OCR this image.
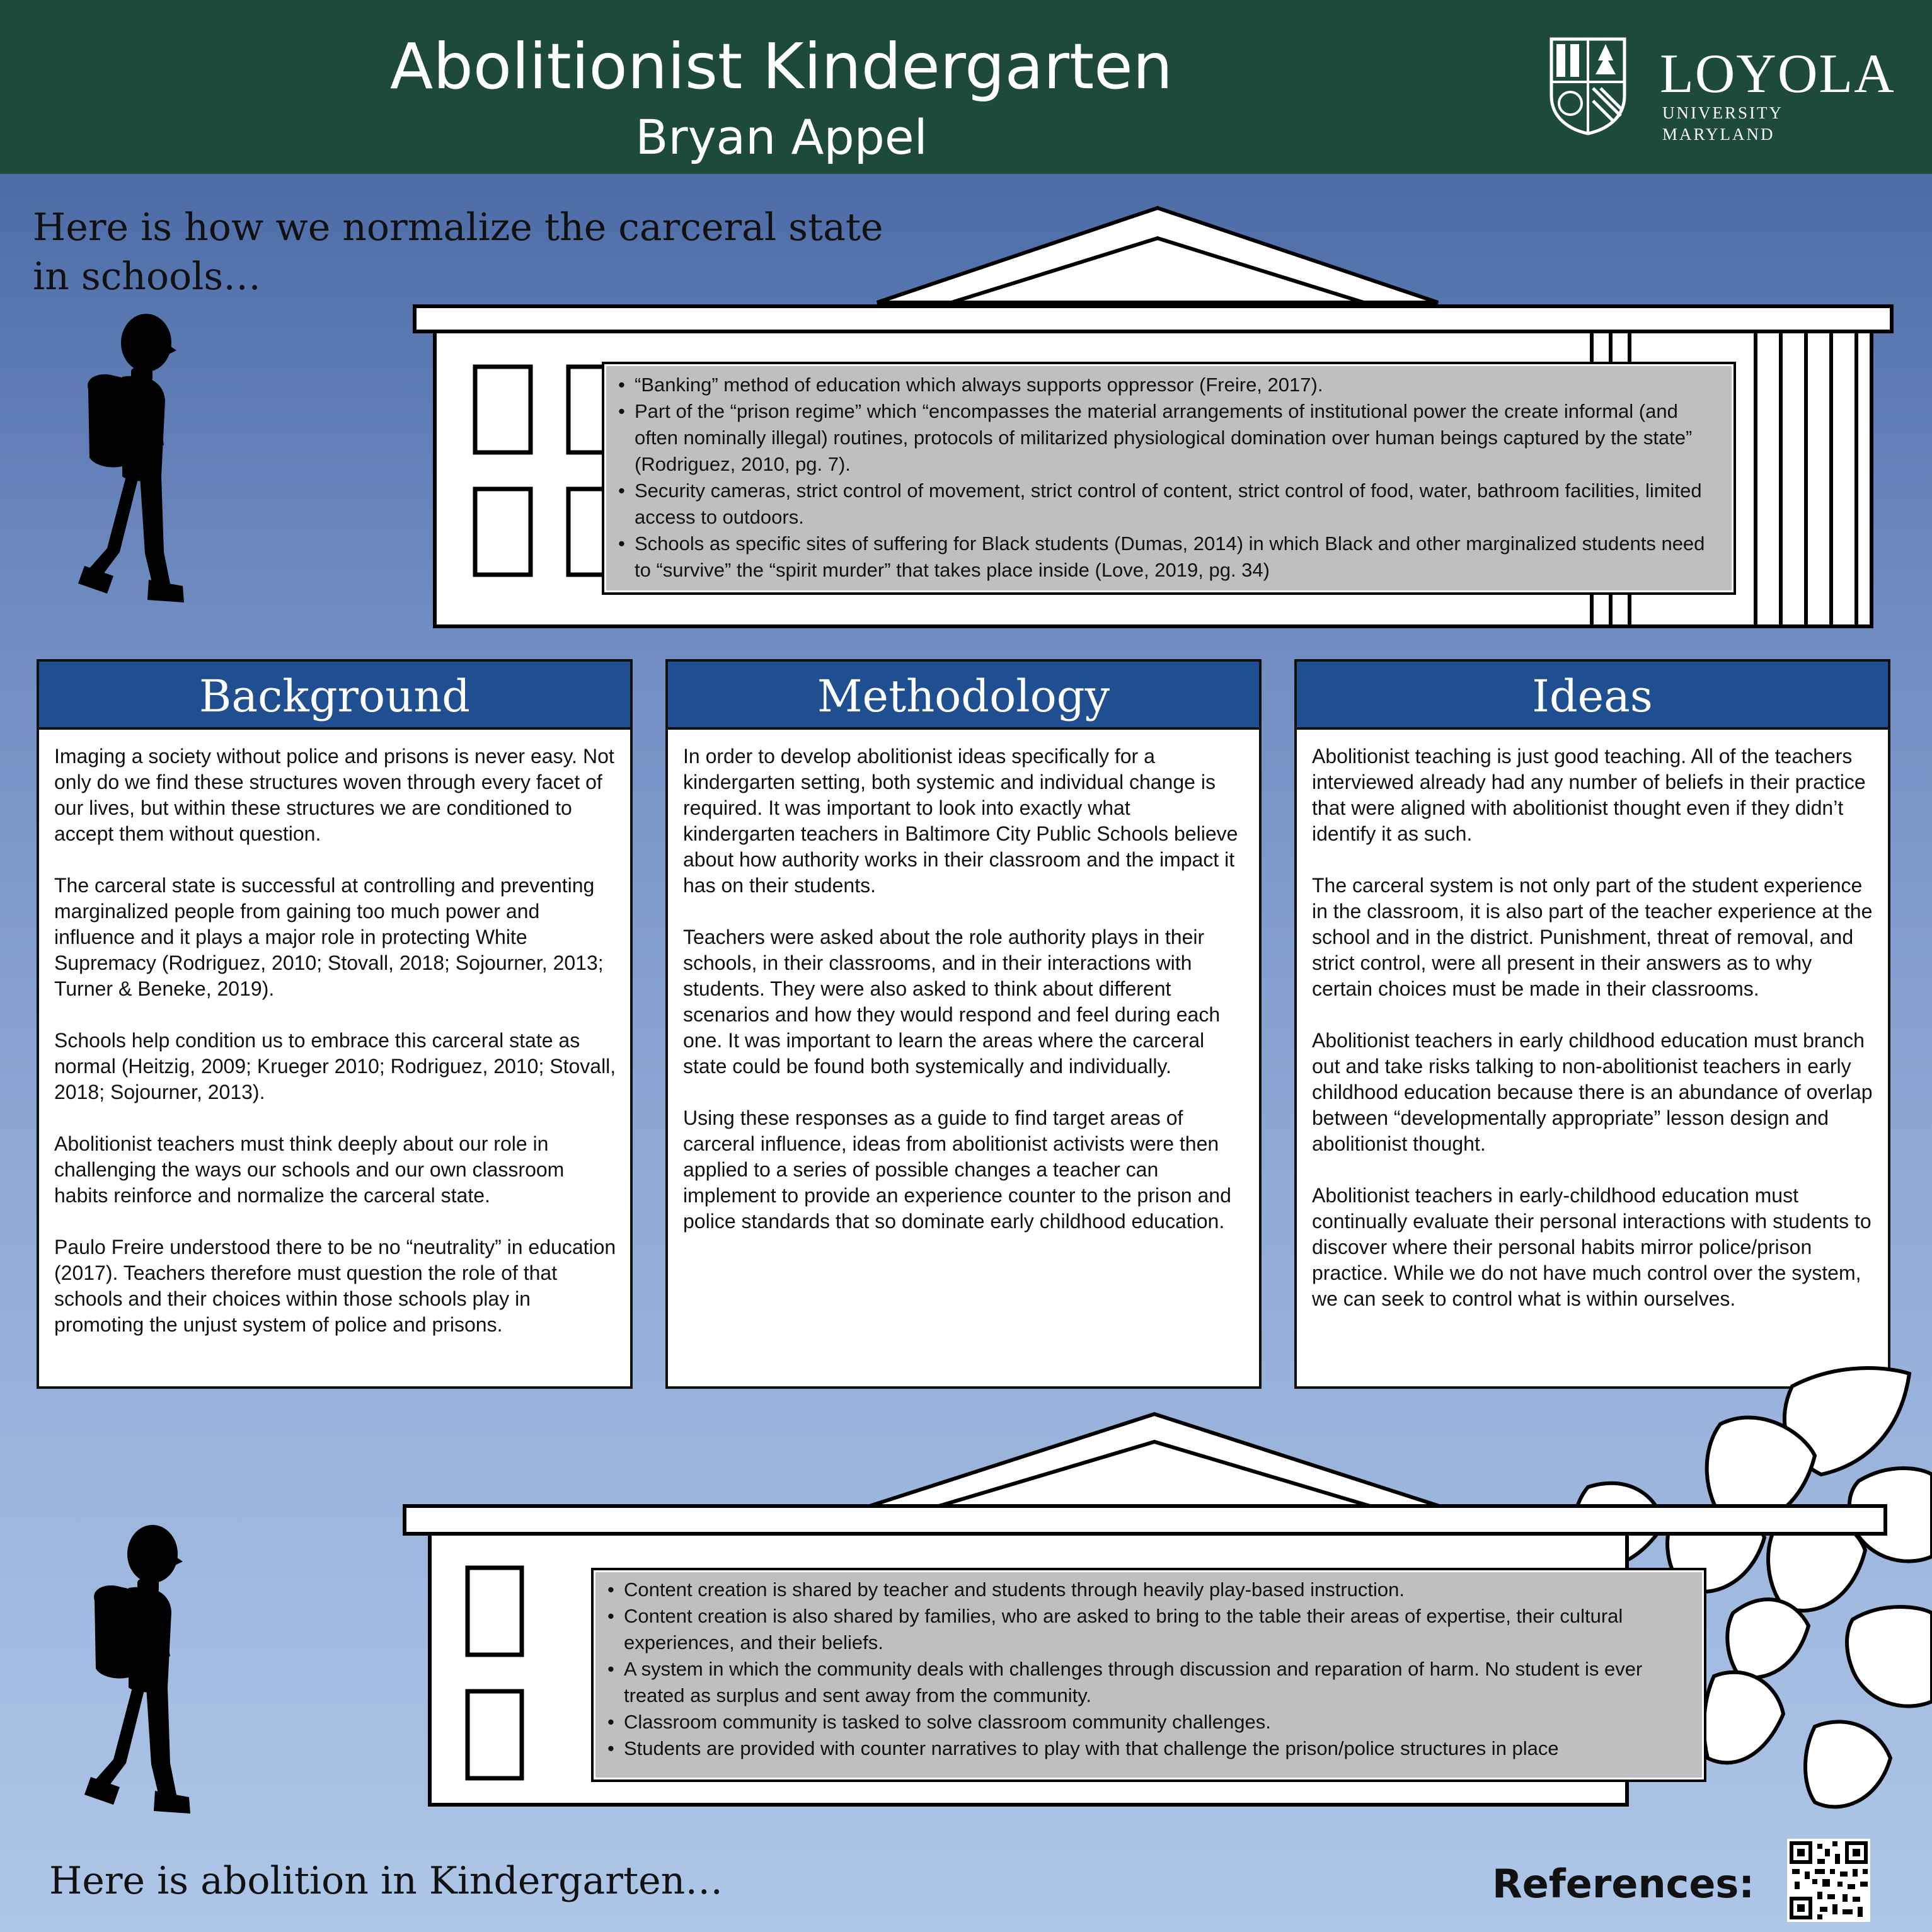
Abolitionist Kindergarten
Bryan Appel
LOYOLA
UNIVERSITY MARYLAND
Here is how we normalize the carceral state in schools…
• “Banking” method of education which always supports oppressor (Freire, 2017).
• Part of the “prison regime” which “encompasses the material arrangements of institutional power the create informal (and often nominally illegal) routines, protocols of militarized physiological domination over human beings captured by the state” (Rodriguez, 2010, pg. 7).
• Security cameras, strict control of movement, strict control of content, strict control of food, water, bathroom facilities, limited access to outdoors.
• Schools as specific sites of suffering for Black students (Dumas, 2014) in which Black and other marginalized students need to “survive” the “spirit murder” that takes place inside (Love, 2019, pg. 34)
Background

Imaging a society without police and prisons is never easy. Not only do we find these structures woven through every facet of our lives, but within these structures we are conditioned to accept them without question.

The carceral state is successful at controlling and preventing marginalized people from gaining too much power and influence and it plays a major role in protecting White Supremacy (Rodriguez, 2010; Stovall, 2018; Sojourner, 2013; Turner & Beneke, 2019).

Schools help condition us to embrace this carceral state as normal (Heitzig, 2009; Krueger 2010; Rodriguez, 2010; Stovall, 2018; Sojourner, 2013).

Abolitionist teachers must think deeply about our role in challenging the ways our schools and our own classroom habits reinforce and normalize the carceral state.

Paulo Freire understood there to be no “neutrality” in education (2017). Teachers therefore must question the role of that schools and their choices within those schools play in promoting the unjust system of police and prisons.

Methodology

In order to develop abolitionist ideas specifically for a kindergarten setting, both systemic and individual change is required. It was important to look into exactly what kindergarten teachers in Baltimore City Public Schools believe about how authority works in their classroom and the impact it has on their students.

Teachers were asked about the role authority plays in their schools, in their classrooms, and in their interactions with students. They were also asked to think about different scenarios and how they would respond and feel during each one. It was important to learn the areas where the carceral state could be found both systemically and individually.

Using these responses as a guide to find target areas of carceral influence, ideas from abolitionist activists were then applied to a series of possible changes a teacher can implement to provide an experience counter to the prison and police standards that so dominate early childhood education.

Ideas

Abolitionist teaching is just good teaching. All of the teachers interviewed already had any number of beliefs in their practice that were aligned with abolitionist thought even if they didn’t identify it as such.

The carceral system is not only part of the student experience in the classroom, it is also part of the teacher experience at the school and in the district. Punishment, threat of removal, and strict control, were all present in their answers as to why certain choices must be made in their classrooms.

Abolitionist teachers in early childhood education must branch out and take risks talking to non-abolitionist teachers in early childhood education because there is an abundance of overlap between “developmentally appropriate” lesson design and abolitionist thought.

Abolitionist teachers in early-childhood education must continually evaluate their personal interactions with students to discover where their personal habits mirror police/prison practice. While we do not have much control over the system, we can seek to control what is within ourselves.

• Content creation is shared by teacher and students through heavily play-based instruction.
• Content creation is also shared by families, who are asked to bring to the table their areas of expertise, their cultural experiences, and their beliefs.
• A system in which the community deals with challenges through discussion and reparation of harm. No student is ever treated as surplus and sent away from the community.
• Classroom community is tasked to solve classroom community challenges.
• Students are provided with counter narratives to play with that challenge the prison/police structures in place
Here is abolition in Kindergarten…	References:
